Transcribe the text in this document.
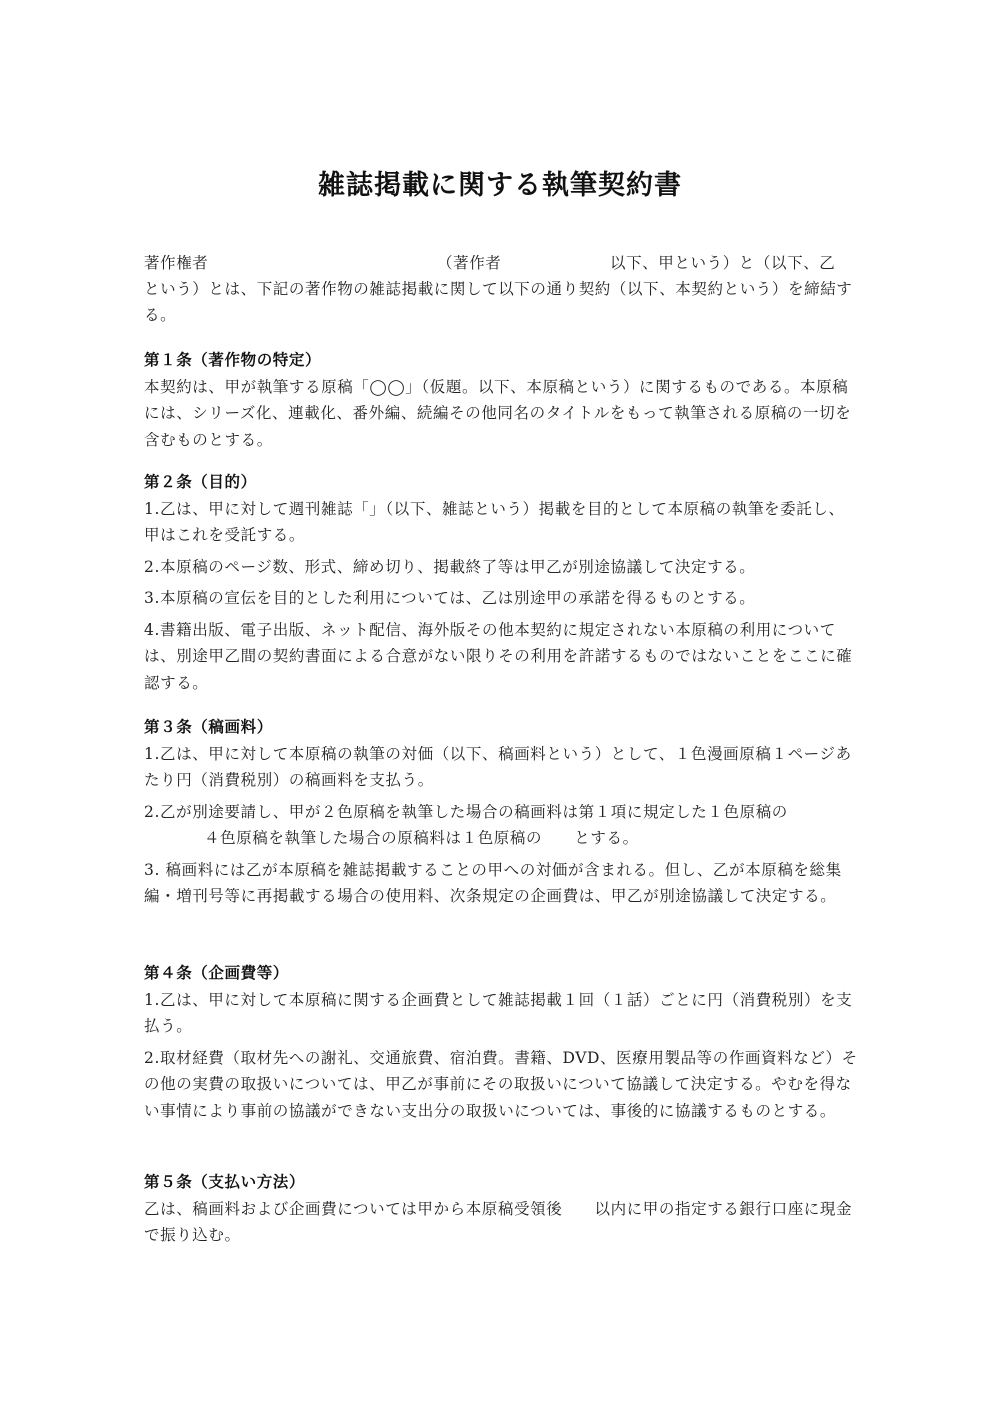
雑誌掲載に関する執筆契約書
著作権者	（著作者	以下、甲という）と（以下、乙

という）とは、下記の著作物の雑誌掲載に関して以下の通り契約（以下、本契約という）を締結する。

第１条（著作物の特定）

本契約は、甲が執筆する原稿「◯◯」（仮題。以下、本原稿という）に関するものである。本原稿には、シリーズ化、連載化、番外編、続編その他同名のタイトルをもって執筆される原稿の一切を含むものとする。

第２条（目的）

1.乙は、甲に対して週刊雑誌「」（以下、雑誌という）掲載を目的として本原稿の執筆を委託し、甲はこれを受託する。

2.本原稿のページ数、形式、締め切り、掲載終了等は甲乙が別途協議して決定する。

3.本原稿の宣伝を目的とした利用については、乙は別途甲の承諾を得るものとする。

4.書籍出版、電子出版、ネット配信、海外版その他本契約に規定されない本原稿の利用については、別途甲乙間の契約書面による合意がない限りその利用を許諾するものではないことをここに確認する。

第３条（稿画料）

1.乙は、甲に対して本原稿の執筆の対価（以下、稿画料という）として、１色漫画原稿１ページあたり円（消費税別）の稿画料を支払う。

2.乙が別途要請し、甲が２色原稿を執筆した場合の稿画料は第１項に規定した１色原稿の

４色原稿を執筆した場合の原稿料は１色原稿の　　とする。

3. 稿画料には乙が本原稿を雑誌掲載することの甲への対価が含まれる。但し、乙が本原稿を総集編・増刊号等に再掲載する場合の使用料、次条規定の企画費は、甲乙が別途協議して決定する。

第４条（企画費等）

1.乙は、甲に対して本原稿に関する企画費として雑誌掲載１回（１話）ごとに円（消費税別）を支払う。

2.取材経費（取材先への謝礼、交通旅費、宿泊費。書籍、DVD、医療用製品等の作画資料など）その他の実費の取扱いについては、甲乙が事前にその取扱いについて協議して決定する。やむを得ない事情により事前の協議ができない支出分の取扱いについては、事後的に協議するものとする。

第５条（支払い方法）

乙は、稿画料および企画費については甲から本原稿受領後　　以内に甲の指定する銀行口座に現金で振り込む。
